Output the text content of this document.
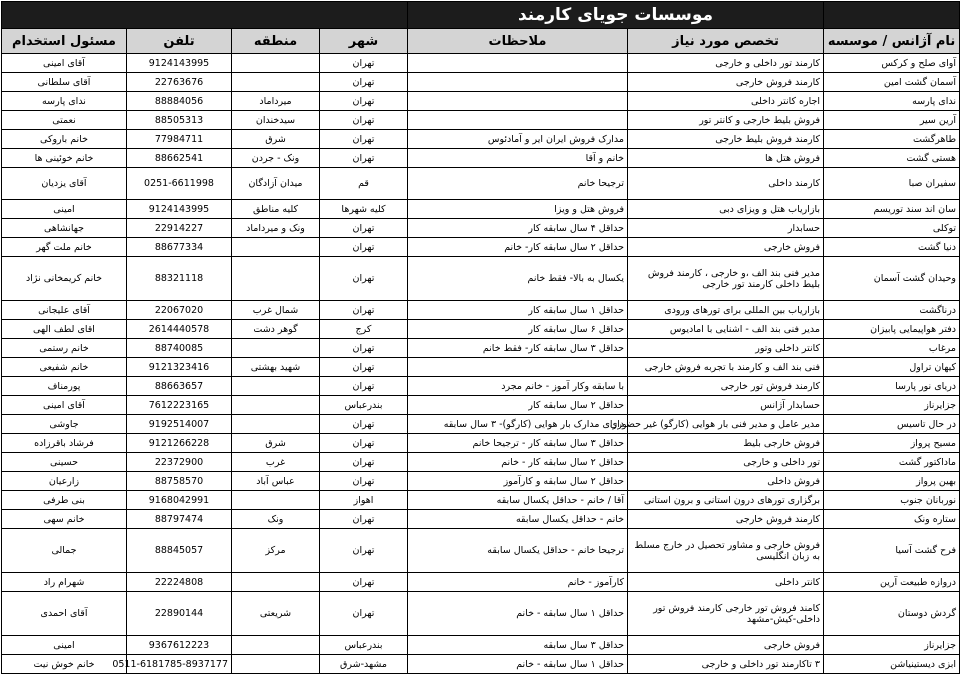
	موسسات جویای کارمند					
نام آژانس / موسسه	تخصص مورد نیاز	ملاحظات	شهر	منطقه	تلفن	مسئول استخدام
آوای صلح و کرکس	کارمند تور داخلی و خارجی		تهران		9124143995	آقای امینی
آسمان گشت امین	کارمند فروش خارجی		تهران		22763676	آقای سلطانی
ندای پارسه	اجاره کانتر داخلی		تهران	میرداماد	88884056	ندای پارسه
آرین سیر	فروش بلیط خارجی و کانتر تور		تهران	سیدخندان	88505313	نعمتی
طاهرگشت	کارمند فروش بلیط خارجی	مدارک فروش ایران ایر و آمادئوس	تهران	شرق	77984711	خانم باروکی
هستی گشت	فروش هتل ها	خانم و آقا	تهران	ونک - جردن	88662541	خانم خوئینی ها
سفیران صبا	کارمند داخلی	ترجیحا خانم	قم	میدان آزادگان	0251-6611998	آقای یزدیان
سان اند سند توریسم	بازاریاب هتل و ویزای دبی	فروش هتل و ویزا	کلیه شهرها	کلیه مناطق	9124143995	امینی
توکلی	حسابدار	حداقل ۴ سال سابقه کار	تهران	ونک و میرداماد	22914227	جهانشاهی
دنیا گشت	فروش خارجی	حداقل ۲ سال سابقه کار- خانم	تهران		88677334	خانم ملت گهر
وحیدان گشت آسمان	مدیر فنی بند الف ،و خارجی ، کارمند فروش بلیط داخلی کارمند تور خارجی	یکسال به بالا- فقط خانم	تهران		88321118	خانم کریمخانی نژاد
درناگشت	بازاریاب بین المللی برای تورهای ورودی	حداقل ۱ سال سابقه کار	تهران	شمال غرب	22067020	آقای علیجانی
دفتر هواپیمایی پابیزان	مدیر فنی بند الف - اشنایی با امادیوس	حداقل ۶ سال سابقه کار	کرج	گوهر دشت	2614440578	اقای لطف الهی
مرغاب	کانتر داخلی وتور	حداقل ۳ سال سابقه کار- فقط خانم	تهران		88740085	خانم رستمی
کیهان تراول	فنی بند الف و کارمند با تجربه فروش خارجی		تهران	شهید بهشتی	9121323416	خانم شفیعی
دریای نور پارسا	کارمند فروش تور خارجی	با سابقه وکار آموز - خانم مجرد	تهران		88663657	پورمناف
جزایرناز	حسابدار آژانس	حداقل ۲ سال سابقه کار	بندرعباس		7612223165	آقای امینی
در حال تاسیس	مدیر عامل و مدیر فنی بار هوایی (کارگو) غیر حضوری	دارای مدارک بار هوایی (کارگو)- ۳ سال سابقه	تهران		9192514007	جاوشی
مسیح پرواز	فروش خارجی بلیط	حداقل ۳ سال سابقه کار - ترجیحا خانم	تهران	شرق	9121266228	فرشاد باقرزاده
ماداکتور گشت	تور داخلی و خارجی	حداقل ۲ سال سابقه کار - خانم	تهران	غرب	22372900	حسینی
بهین پرواز	فروش داخلی	حداقل ۲ سال سابقه و کارآموز	تهران	عباس آباد	88758570	زارعیان
نوربانان جنوب	برگزاری تورهای درون استانی و برون استانی	آقا / خانم - حداقل یکسال سابقه	اهواز		9168042991	بنی طرفی
ستاره ونک	کارمند فروش خارجی	خانم - حداقل یکسال سابقه	تهران	ونک	88797474	خانم سهی
فرح گشت آسیا	فروش خارجی و مشاور تحصیل در خارج مسلط به زبان انگلیسی	ترجیحا خانم - حداقل یکسال سابقه	تهران	مرکز	88845057	جمالی
دروازه طبیعت آرین	کانتر داخلی	کارآموز - خانم	تهران		22224808	شهرام راد
گردش دوستان	کامند فروش تور خارجی کارمند فروش تور داخلی-کیش-مشهد	حداقل ۱ سال سابقه - خانم	تهران	شریعتی	22890144	آقای احمدی
جزایرناز	فروش خارجی	حداقل ۳ سال سابقه	بندرعباس		9367612223	امینی
ابزی دیستینیاشن	۳ تاکارمند تور داخلی و خارجی	حداقل ۱ سال سابقه - خانم	مشهد-شرق		0511-6181785-8937177	خانم خوش نیت
